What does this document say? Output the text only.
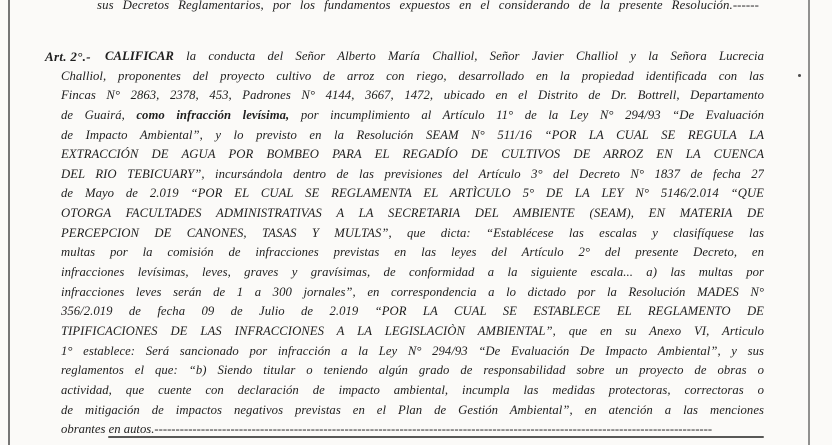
sus Decretos Reglamentarios, por los fundamentos expuestos en el considerando de la presente Resolución.------
Art. 2°.-	CALIFICAR la conducta del Señor Alberto María Challiol, Señor Javier Challiol y la Señora Lucrecia
Challiol, proponentes del proyecto cultivo de arroz con riego, desarrollado en la propiedad identificada con las
Fincas N° 2863, 2378, 453, Padrones N° 4144, 3667, 1472, ubicado en el Distrito de Dr. Bottrell, Departamento
de Guairá, como infracción levísima, por incumplimiento al Artículo 11° de la Ley N° 294/93 “De Evaluación
de Impacto Ambiental”, y lo previsto en la Resolución SEAM N° 511/16 “POR LA CUAL SE REGULA LA
EXTRACCIÓN DE AGUA POR BOMBEO PARA EL REGADÍO DE CULTIVOS DE ARROZ EN LA CUENCA
DEL RIO TEBICUARY”, incursándola dentro de las previsiones del Artículo 3° del Decreto N° 1837 de fecha 27
de Mayo de 2.019 “POR EL CUAL SE REGLAMENTA EL ARTÌCULO 5° DE LA LEY N° 5146/2.014 “QUE
OTORGA FACULTADES ADMINISTRATIVAS A LA SECRETARIA DEL AMBIENTE (SEAM), EN MATERIA DE
PERCEPCION DE CANONES, TASAS Y MULTAS”, que dicta: “Establécese las escalas y clasifíquese las
multas por la comisión de infracciones previstas en las leyes del Artículo 2° del presente Decreto, en
infracciones levísimas, leves, graves y gravísimas, de conformidad a la siguiente escala... a) las multas por
infracciones leves serán de 1 a 300 jornales”, en correspondencia a lo dictado por la Resolución MADES N°
356/2.019 de fecha 09 de Julio de 2.019 “POR LA CUAL SE ESTABLECE EL REGLAMENTO DE
TIPIFICACIONES DE LAS INFRACCIONES A LA LEGISLACIÒN AMBIENTAL”, que en su Anexo VI, Articulo
1° establece: Será sancionado por infracción a la Ley N° 294/93 “De Evaluación De Impacto Ambiental”, y sus
reglamentos el que: “b) Siendo titular o teniendo algún grado de responsabilidad sobre un proyecto de obras o
actividad, que cuente con declaración de impacto ambiental, incumpla las medidas protectoras, correctoras o
de mitigación de impactos negativos previstas en el Plan de Gestión Ambiental”, en atención a las menciones
obrantes en autos.------------------------------------------------------------------------------------------------------------------------------------
